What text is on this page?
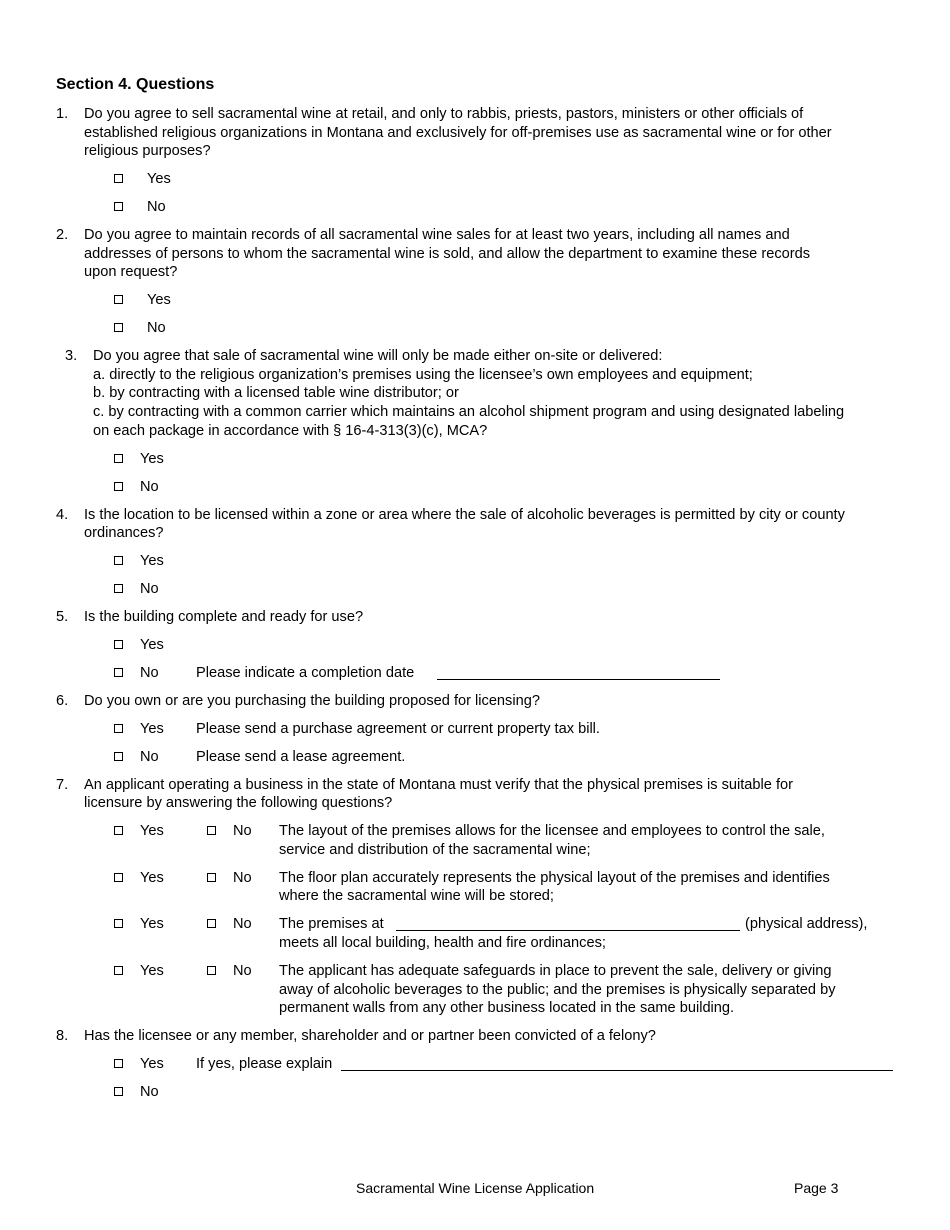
Section 4. Questions
1. Do you agree to sell sacramental wine at retail, and only to rabbis, priests, pastors, ministers or other officials of
established religious organizations in Montana and exclusively for off-premises use as sacramental wine or for other
religious purposes?
Yes
No
2. Do you agree to maintain records of all sacramental wine sales for at least two years, including all names and
addresses of persons to whom the sacramental wine is sold, and allow the department to examine these records
upon request?
Yes
No
3. Do you agree that sale of sacramental wine will only be made either on-site or delivered:
a. directly to the religious organization’s premises using the licensee’s own employees and equipment;
b. by contracting with a licensed table wine distributor; or
c. by contracting with a common carrier which maintains an alcohol shipment program and using designated labeling
on each package in accordance with § 16-4-313(3)(c), MCA?
Yes
No
4. Is the location to be licensed within a zone or area where the sale of alcoholic beverages is permitted by city or county
ordinances?
Yes
No
5. Is the building complete and ready for use?
Yes
No	Please indicate a completion date
6. Do you own or are you purchasing the building proposed for licensing?
Yes Please send a purchase agreement or current property tax bill.
No	Please send a lease agreement.
7. An applicant operating a business in the state of Montana must verify that the physical premises is suitable for
licensure by answering the following questions?
Yes	No The layout of the premises allows for the licensee and employees to control the sale,
service and distribution of the sacramental wine;
Yes	No The floor plan accurately represents the physical layout of the premises and identifies
where the sacramental wine will be stored;
Yes	No The premises at	(physical address),
meets all local building, health and fire ordinances;
Yes	No The applicant has adequate safeguards in place to prevent the sale, delivery or giving
away of alcoholic beverages to the public; and the premises is physically separated by
permanent walls from any other business located in the same building.
8. Has the licensee or any member, shareholder and or partner been convicted of a felony?
Yes If yes, please explain
No
Sacramental Wine License Application	Page 3
